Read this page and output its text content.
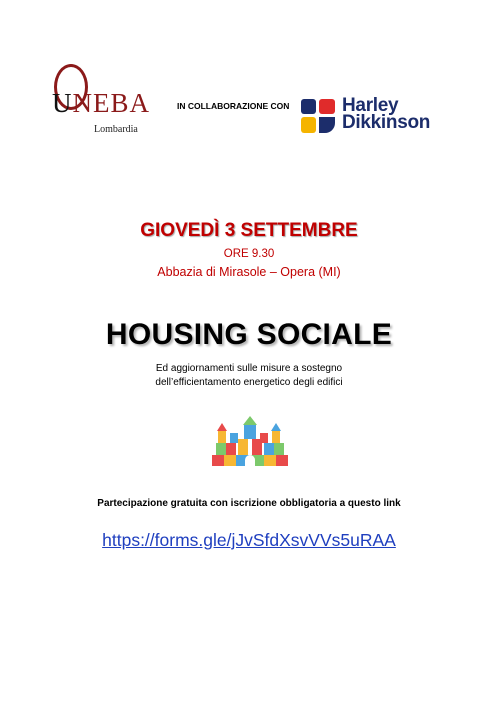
UNEBA
Lombardia
IN COLLABORAZIONE CON	Harley
Dikkinson
GIOVEDÌ 3 SETTEMBRE
ORE 9.30
Abbazia di Mirasole – Opera (MI)
HOUSING SOCIALE
Ed aggiornamenti sulle misure a sostegno
dell’efficientamento energetico degli edifici
Partecipazione gratuita con iscrizione obbligatoria a questo link
https://forms.gle/jJvSfdXsvVVs5uRAA
